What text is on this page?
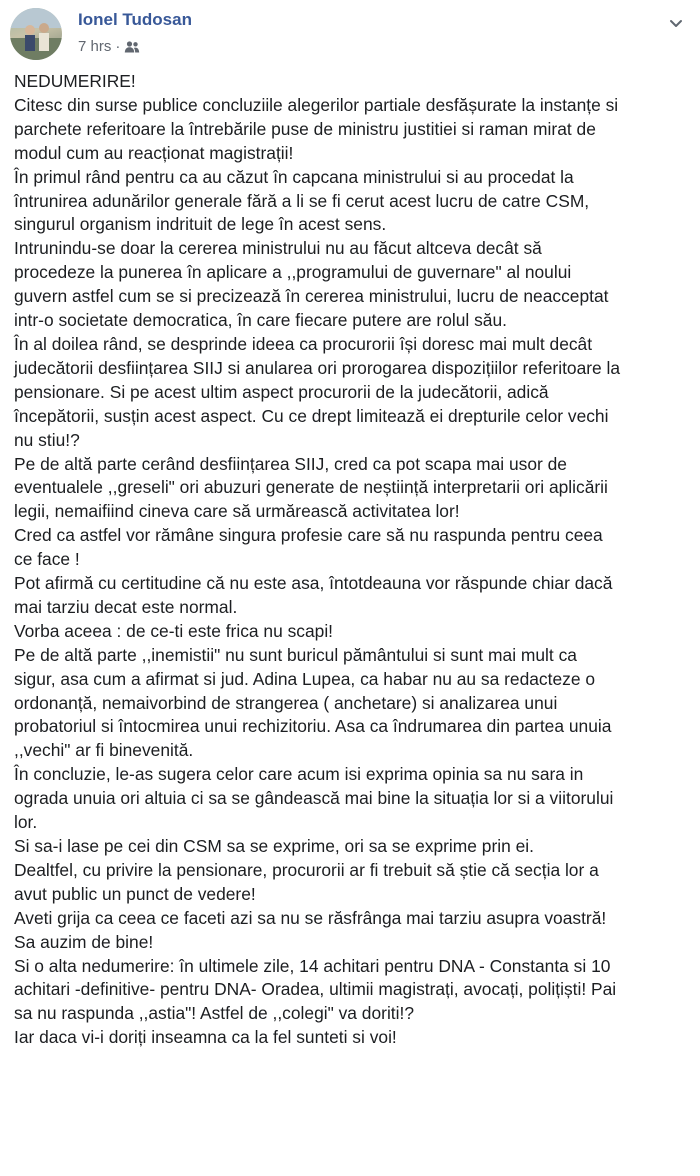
Ionel Tudosan
7 hrs ·

NEDUMERIRE!

Citesc din surse publice concluziile alegerilor partiale desfășurate la instanțe si

parchete referitoare la întrebările puse de ministru justitiei si raman mirat de

modul cum au reacționat magistrații!

În primul rând pentru ca au căzut în capcana ministrului si au procedat la

întrunirea adunărilor generale fără a li se fi cerut acest lucru de catre CSM,

singurul organism indrituit de lege în acest sens.

Intrunindu-se doar la cererea ministrului nu au făcut altceva decât să

procedeze la punerea în aplicare a ,,programului de guvernare" al noului

guvern astfel cum se si precizează în cererea ministrului, lucru de neacceptat

intr-o societate democratica, în care fiecare putere are rolul său.

În al doilea rând, se desprinde ideea ca procurorii își doresc mai mult decât

judecătorii desființarea SIIJ si anularea ori prorogarea dispozițiilor referitoare la

pensionare. Si pe acest ultim aspect procurorii de la judecătorii, adică

începătorii, susțin acest aspect. Cu ce drept limitează ei drepturile celor vechi

nu stiu!?

Pe de altă parte cerând desființarea SIIJ, cred ca pot scapa mai usor de

eventualele ,,greseli" ori abuzuri generate de neștiință interpretarii ori aplicării

legii, nemaifiind cineva care să urmărească activitatea lor!

Cred ca astfel vor rămâne singura profesie care să nu raspunda pentru ceea

ce face !

Pot afirmă cu certitudine că nu este asa, întotdeauna vor răspunde chiar dacă

mai tarziu decat este normal.

Vorba aceea : de ce-ti este frica nu scapi!

Pe de altă parte ,,inemistii" nu sunt buricul pământului si sunt mai mult ca

sigur, asa cum a afirmat si jud. Adina Lupea, ca habar nu au sa redacteze o

ordonanță, nemaivorbind de strangerea ( anchetare) si analizarea unui

probatoriul si întocmirea unui rechizitoriu. Asa ca îndrumarea din partea unuia

,,vechi" ar fi binevenită.

În concluzie, le-as sugera celor care acum isi exprima opinia sa nu sara in

ograda unuia ori altuia ci sa se gândească mai bine la situația lor si a viitorului

lor.

Si sa-i lase pe cei din CSM sa se exprime, ori sa se exprime prin ei.

Dealtfel, cu privire la pensionare, procurorii ar fi trebuit să știe că secția lor a

avut public un punct de vedere!

Aveti grija ca ceea ce faceti azi sa nu se răsfrânga mai tarziu asupra voastră!

Sa auzim de bine!

Si o alta nedumerire: în ultimele zile, 14 achitari pentru DNA - Constanta si 10

achitari -definitive- pentru DNA- Oradea, ultimii magistrați, avocați, polițiști! Pai

sa nu raspunda ,,astia"! Astfel de ,,colegi" va doriti!?

Iar daca vi-i doriți inseamna ca la fel sunteti si voi!
